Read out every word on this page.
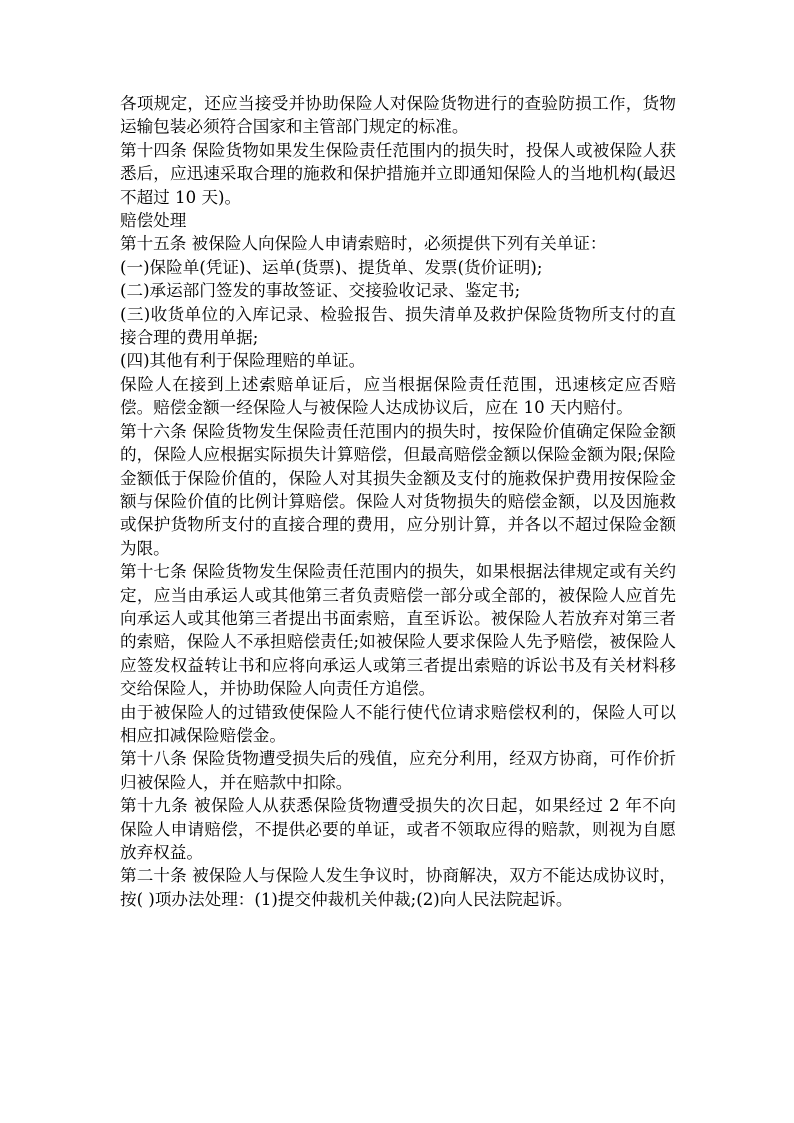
各项规定，还应当接受并协助保险人对保险货物进行的查验防损工作，货物运输包装必须符合国家和主管部门规定的标准。

第十四条 保险货物如果发生保险责任范围内的损失时，投保人或被保险人获悉后，应迅速采取合理的施救和保护措施并立即通知保险人的当地机构(最迟不超过 10 天)。

赔偿处理

第十五条 被保险人向保险人申请索赔时，必须提供下列有关单证：

(一)保险单(凭证)、运单(货票)、提货单、发票(货价证明);

(二)承运部门签发的事故签证、交接验收记录、鉴定书;

(三)收货单位的入库记录、检验报告、损失清单及救护保险货物所支付的直接合理的费用单据;

(四)其他有利于保险理赔的单证。

保险人在接到上述索赔单证后，应当根据保险责任范围，迅速核定应否赔偿。赔偿金额一经保险人与被保险人达成协议后，应在 10 天内赔付。

第十六条 保险货物发生保险责任范围内的损失时，按保险价值确定保险金额的，保险人应根据实际损失计算赔偿，但最高赔偿金额以保险金额为限;保险金额低于保险价值的，保险人对其损失金额及支付的施救保护费用按保险金额与保险价值的比例计算赔偿。保险人对货物损失的赔偿金额，以及因施救或保护货物所支付的直接合理的费用，应分别计算，并各以不超过保险金额为限。

第十七条 保险货物发生保险责任范围内的损失，如果根据法律规定或有关约定，应当由承运人或其他第三者负责赔偿一部分或全部的，被保险人应首先向承运人或其他第三者提出书面索赔，直至诉讼。被保险人若放弃对第三者的索赔，保险人不承担赔偿责任;如被保险人要求保险人先予赔偿，被保险人应签发权益转让书和应将向承运人或第三者提出索赔的诉讼书及有关材料移交给保险人，并协助保险人向责任方追偿。

由于被保险人的过错致使保险人不能行使代位请求赔偿权利的，保险人可以相应扣减保险赔偿金。

第十八条 保险货物遭受损失后的残值，应充分利用，经双方协商，可作价折归被保险人，并在赔款中扣除。

第十九条 被保险人从获悉保险货物遭受损失的次日起，如果经过 2 年不向保险人申请赔偿，不提供必要的单证，或者不领取应得的赔款，则视为自愿放弃权益。

第二十条 被保险人与保险人发生争议时，协商解决，双方不能达成协议时，按( )项办法处理：(1)提交仲裁机关仲裁;(2)向人民法院起诉。
